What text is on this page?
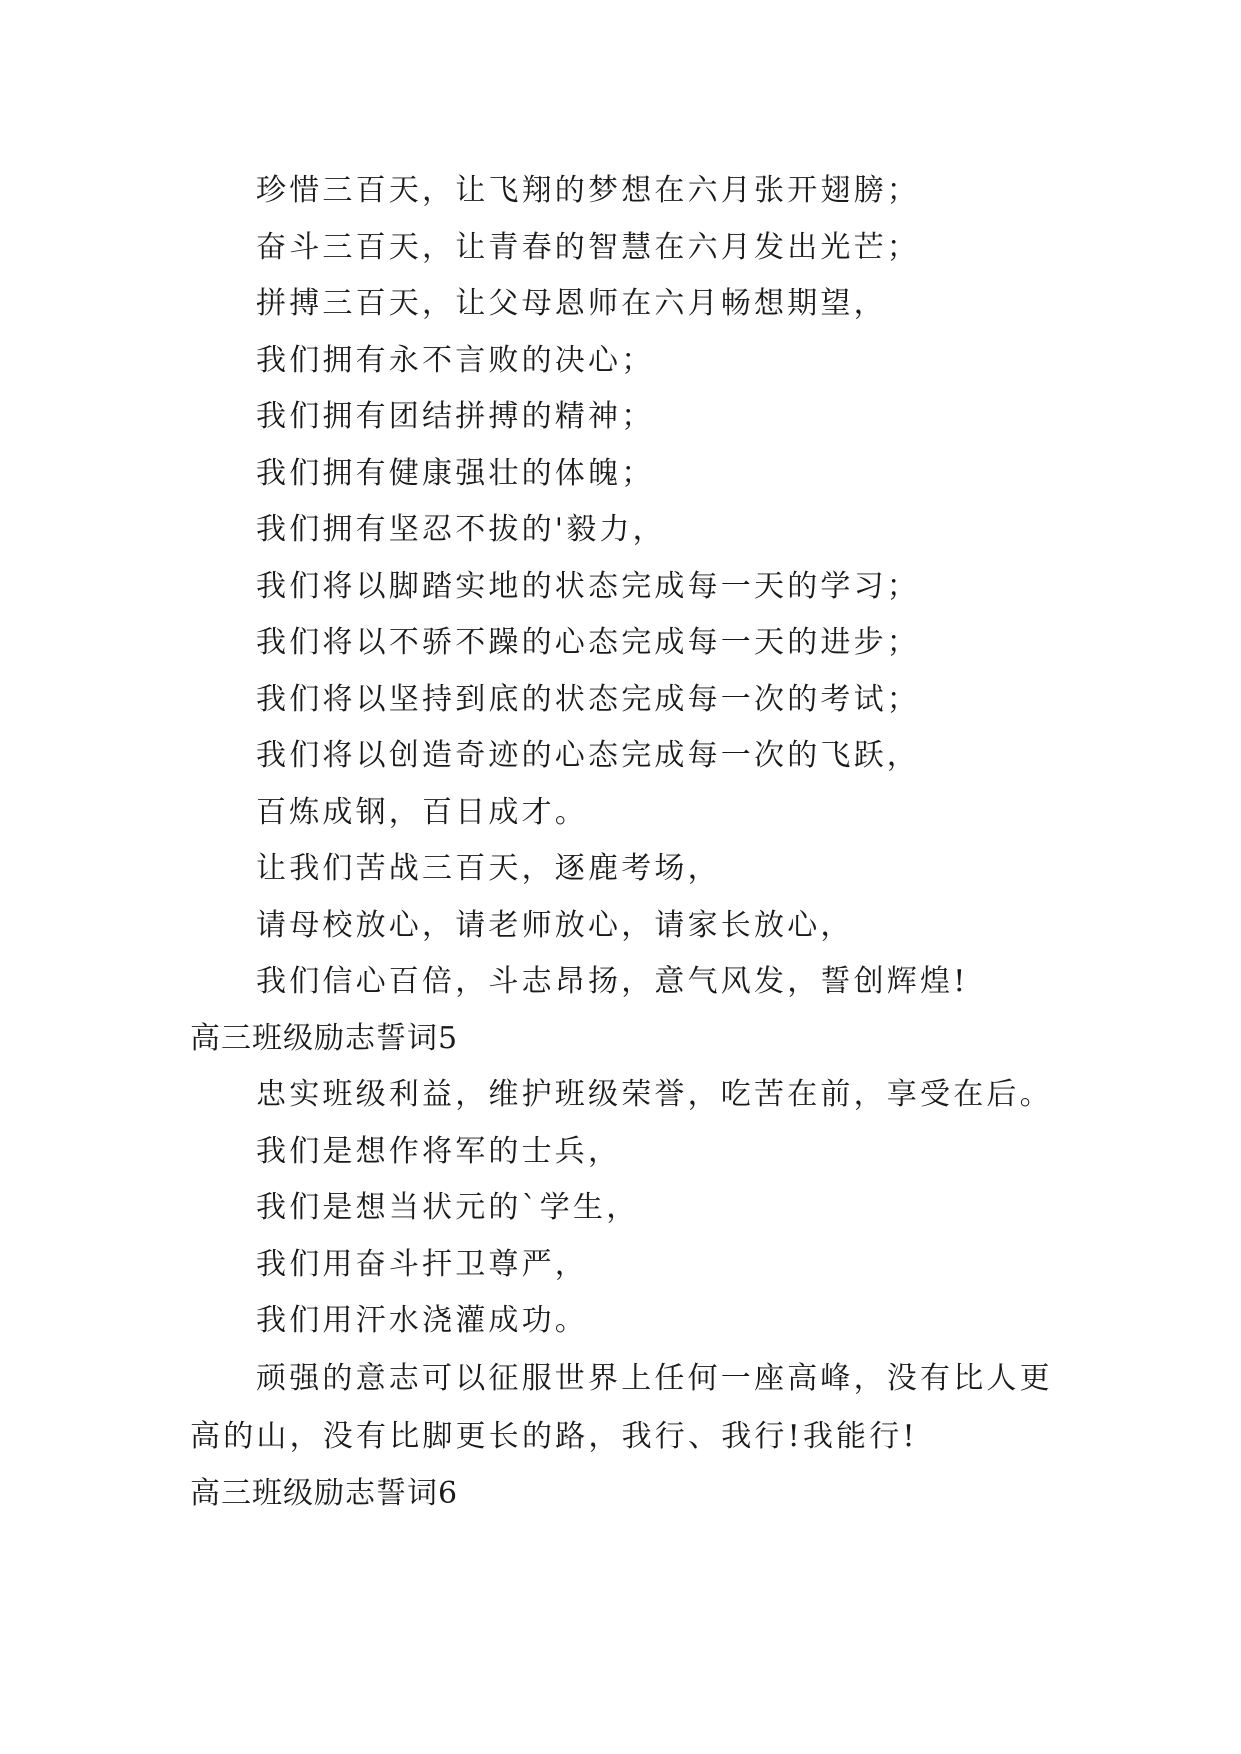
珍惜三百天，让飞翔的梦想在六月张开翅膀；
奋斗三百天，让青春的智慧在六月发出光芒；
拼搏三百天，让父母恩师在六月畅想期望，
我们拥有永不言败的决心；
我们拥有团结拼搏的精神；
我们拥有健康强壮的体魄；
我们拥有坚忍不拔的'毅力，
我们将以脚踏实地的状态完成每一天的学习；
我们将以不骄不躁的心态完成每一天的进步；
我们将以坚持到底的状态完成每一次的考试；
我们将以创造奇迹的心态完成每一次的飞跃，
百炼成钢，百日成才。
让我们苦战三百天，逐鹿考场，
请母校放心，请老师放心，请家长放心，
我们信心百倍，斗志昂扬，意气风发，誓创辉煌!
高三班级励志誓词5
忠实班级利益，维护班级荣誉，吃苦在前，享受在后。
我们是想作将军的士兵，
我们是想当状元的`学生，
我们用奋斗扞卫尊严，
我们用汗水浇灌成功。
顽强的意志可以征服世界上任何一座高峰，没有比人更高的山，没有比脚更长的路，我行、我行!我能行!
高三班级励志誓词6
